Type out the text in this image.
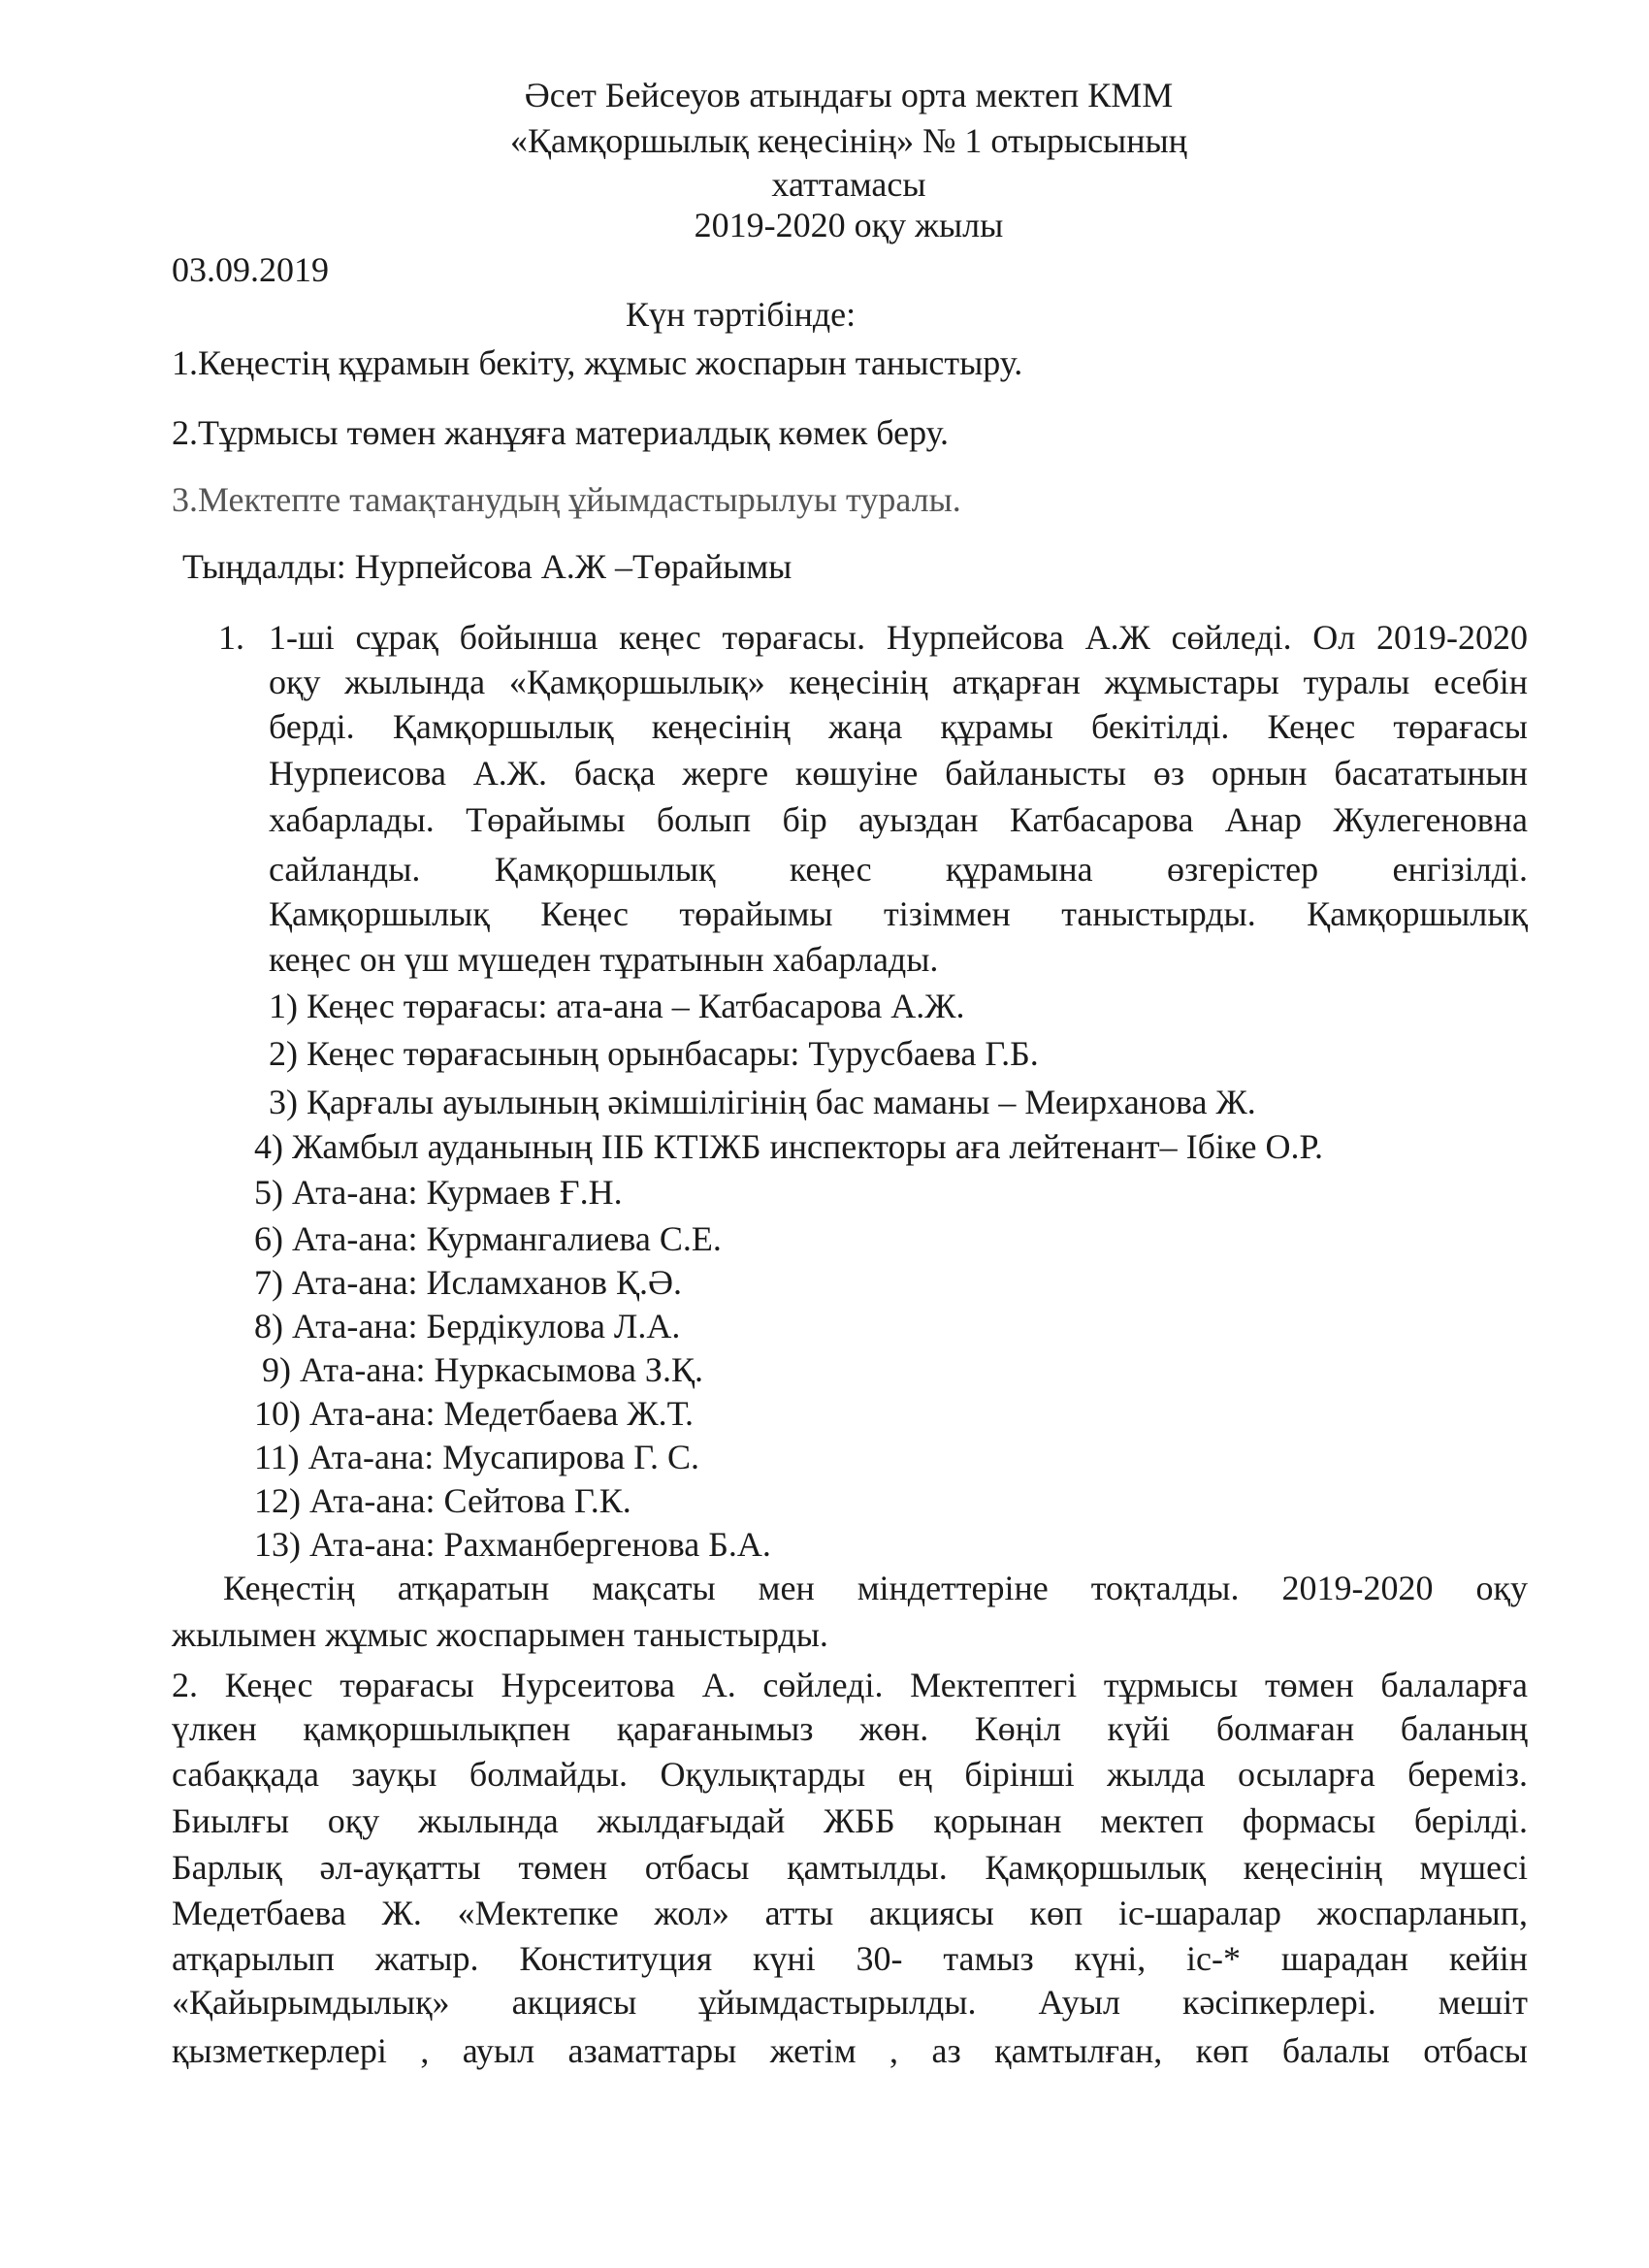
Әсет Бейсеуов атындағы орта мектеп КММ
«Қамқоршылық кеңесінің» № 1 отырысының
хаттамасы
2019-2020 оқу жылы
03.09.2019
Күн тәртібінде:
1.Кеңестің құрамын бекіту, жұмыс жоспарын таныстыру.
2.Тұрмысы төмен жанұяға материалдық көмек беру.
3.Мектепте тамақтанудың ұйымдастырылуы туралы.
Тыңдалды: Нурпейсова А.Ж –Төрайымы
1. 1-ші сұрақ бойынша кеңес төрағасы. Нурпейсова А.Ж сөйледі. Ол 2019-2020
оқу жылында «Қамқоршылық» кеңесінің атқарған жұмыстары туралы есебін
берді. Қамқоршылық кеңесінің жаңа құрамы бекітілді. Кеңес төрағасы
Нурпеисова А.Ж. басқа жерге көшуіне байланысты өз орнын басататынын
хабарлады. Төрайымы болып бір ауыздан Катбасарова Анар Жулегеновна
сайланды. Қамқоршылық кеңес құрамына өзгерістер енгізілді.
Қамқоршылық Кеңес төрайымы тізіммен таныстырды. Қамқоршылық
кеңес он үш мүшеден тұратынын хабарлады.
1) Кеңес төрағасы: ата-ана – Катбасарова А.Ж.
2) Кеңес төрағасының орынбасары: Турусбаева Г.Б.
3) Қарғалы ауылының әкімшілігінің бас маманы – Меирханова Ж.
4) Жамбыл ауданының ІІБ КТІЖБ инспекторы аға лейтенант– Ібіке О.Р.
5) Ата-ана: Курмаев Ғ.Н.
6) Ата-ана: Курмангалиева С.Е.
7) Ата-ана: Исламханов Қ.Ә.
8) Ата-ана: Бердікулова Л.А.
9) Ата-ана: Нуркасымова З.Қ.
10) Ата-ана: Медетбаева Ж.Т.
11) Ата-ана: Мусапирова Г. С.
12) Ата-ана: Сейтова Г.К.
13) Ата-ана: Рахманбергенова Б.А.
Кеңестің атқаратын мақсаты мен міндеттеріне тоқталды. 2019-2020 оқу
жылымен жұмыс жоспарымен таныстырды.
2. Кеңес төрағасы Нурсеитова А. сөйледі. Мектептегі тұрмысы төмен балаларға
үлкен қамқоршылықпен қарағанымыз жөн. Көңіл күйі болмаған баланың
сабаққада зауқы болмайды. Оқулықтарды ең бірінші жылда осыларға береміз.
Биылғы оқу жылында жылдағыдай ЖББ қорынан мектеп формасы берілді.
Барлық әл-ауқатты төмен отбасы қамтылды. Қамқоршылық кеңесінің мүшесі
Медетбаева Ж. «Мектепке жол» атты акциясы көп іс-шаралар жоспарланып,
атқарылып жатыр. Конституция күні 30- тамыз күні, іс-* шарадан кейін
«Қайырымдылық» акциясы ұйымдастырылды. Ауыл кәсіпкерлері. мешіт
қызметкерлері , ауыл азаматтары жетім , аз қамтылған, көп балалы отбасы
